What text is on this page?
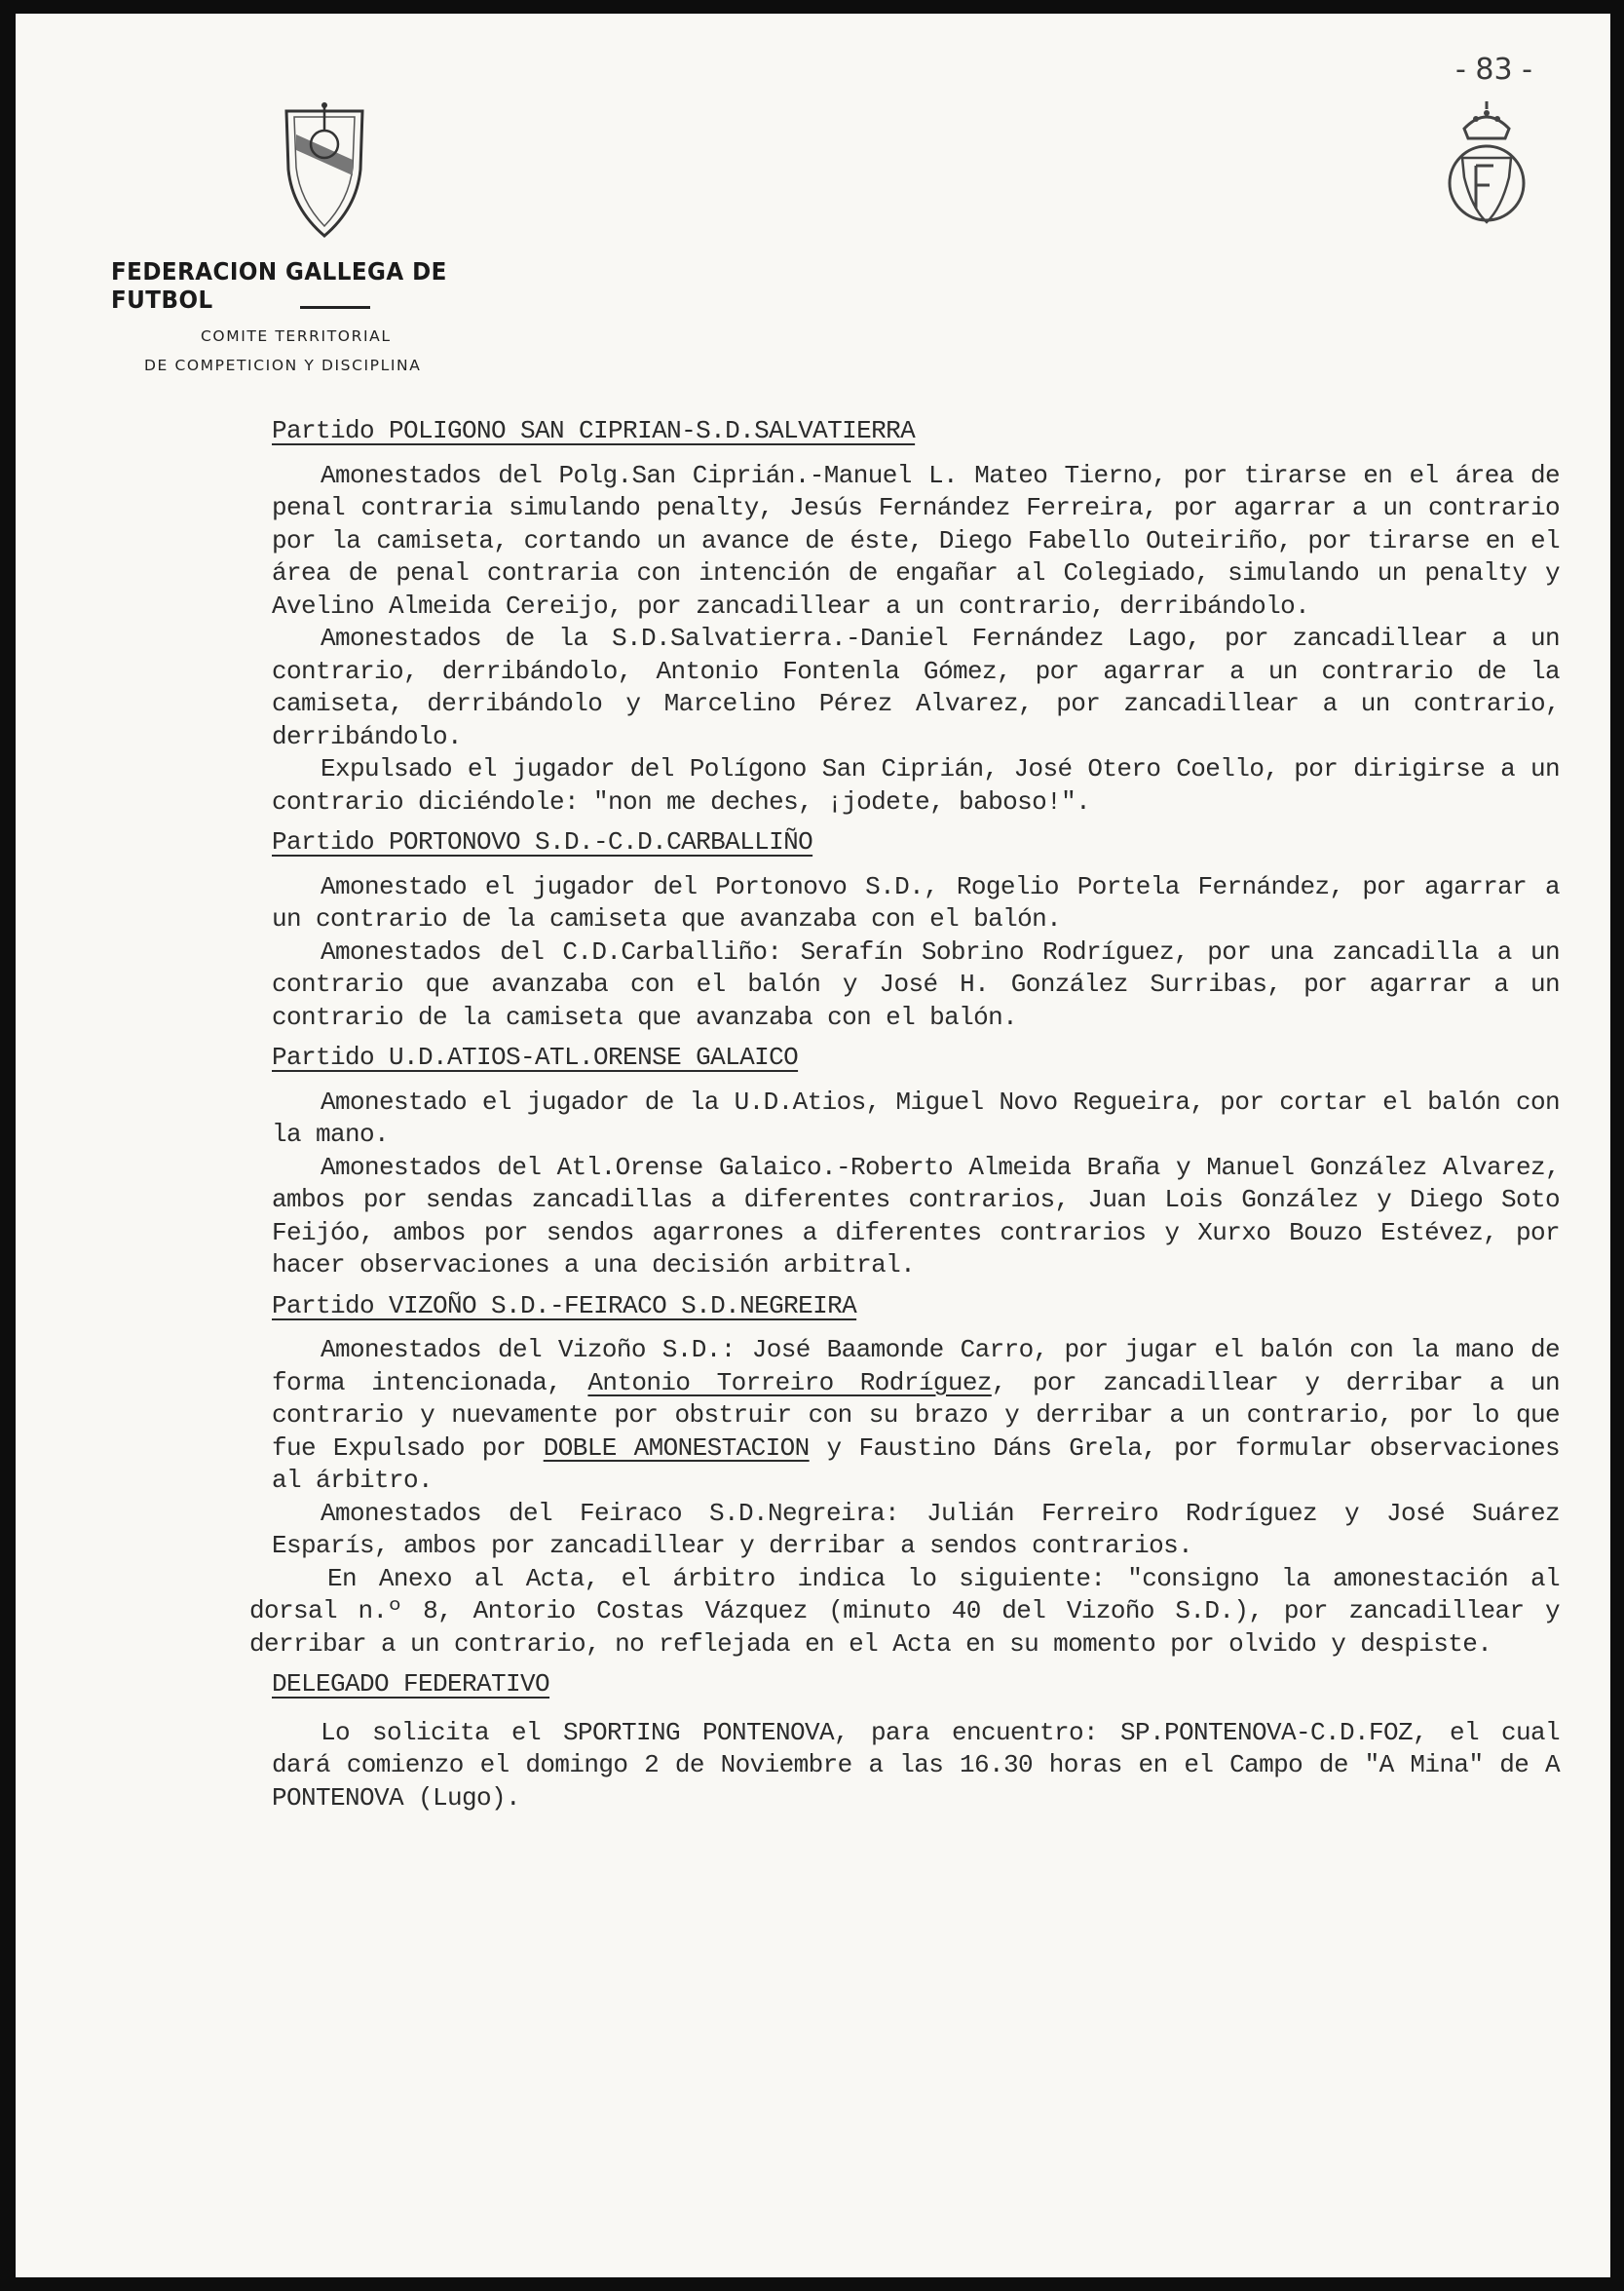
- 83 -
FEDERACION GALLEGA DE FUTBOL
COMITE TERRITORIAL
DE COMPETICION Y DISCIPLINA
Partido POLIGONO SAN CIPRIAN-S.D.SALVATIERRA

Amonestados del Polg.San Ciprián.-Manuel L. Mateo Tierno, por tirarse en el área de penal contraria simulando penalty, Jesús Fernández Ferreira, por agarrar a un contrario por la camiseta, cortando un avance de éste, Diego Fabello Outeiriño, por tirarse en el área de penal contraria con intención de engañar al Colegiado, simulando un penalty y Avelino Almeida Cereijo, por zancadillear a un contrario, derribándolo.

Amonestados de la S.D.Salvatierra.-Daniel Fernández Lago, por zancadillear a un contrario, derribándolo, Antonio Fontenla Gómez, por agarrar a un contrario de la camiseta, derribándolo y Marcelino Pérez Alvarez, por zancadillear a un contrario, derribándolo.

Expulsado el jugador del Polígono San Ciprián, José Otero Coello, por dirigirse a un contrario diciéndole: "non me deches, ¡jodete, baboso!".

Partido PORTONOVO S.D.-C.D.CARBALLIÑO

Amonestado el jugador del Portonovo S.D., Rogelio Portela Fernández, por agarrar a un contrario de la camiseta que avanzaba con el balón.

Amonestados del C.D.Carballiño: Serafín Sobrino Rodríguez, por una zancadilla a un contrario que avanzaba con el balón y José H. González Surribas, por agarrar a un contrario de la camiseta que avanzaba con el balón.

Partido U.D.ATIOS-ATL.ORENSE GALAICO

Amonestado el jugador de la U.D.Atios, Miguel Novo Regueira, por cortar el balón con la mano.

Amonestados del Atl.Orense Galaico.-Roberto Almeida Braña y Manuel González Alvarez, ambos por sendas zancadillas a diferentes contrarios, Juan Lois González y Diego Soto Feijóo, ambos por sendos agarrones a diferentes contrarios y Xurxo Bouzo Estévez, por hacer observaciones a una decisión arbitral.

Partido VIZOÑO S.D.-FEIRACO S.D.NEGREIRA

Amonestados del Vizoño S.D.: José Baamonde Carro, por jugar el balón con la mano de forma intencionada, Antonio Torreiro Rodríguez, por zancadillear y derribar a un contrario y nuevamente por obstruir con su brazo y derribar a un contrario, por lo que fue Expulsado por DOBLE AMONESTACION y Faustino Dáns Grela, por formular observaciones al árbitro.

Amonestados del Feiraco S.D.Negreira: Julián Ferreiro Rodríguez y José Suárez Esparís, ambos por zancadillear y derribar a sendos contrarios.

En Anexo al Acta, el árbitro indica lo siguiente: "consigno la amonestación al dorsal n.º 8, Antorio Costas Vázquez (minuto 40 del Vizoño S.D.), por zancadillear y derribar a un contrario, no reflejada en el Acta en su momento por olvido y despiste.

DELEGADO FEDERATIVO

Lo solicita el SPORTING PONTENOVA, para encuentro: SP.PONTENOVA-C.D.FOZ, el cual dará comienzo el domingo 2 de Noviembre a las 16.30 horas en el Campo de "A Mina" de A PONTENOVA (Lugo).
